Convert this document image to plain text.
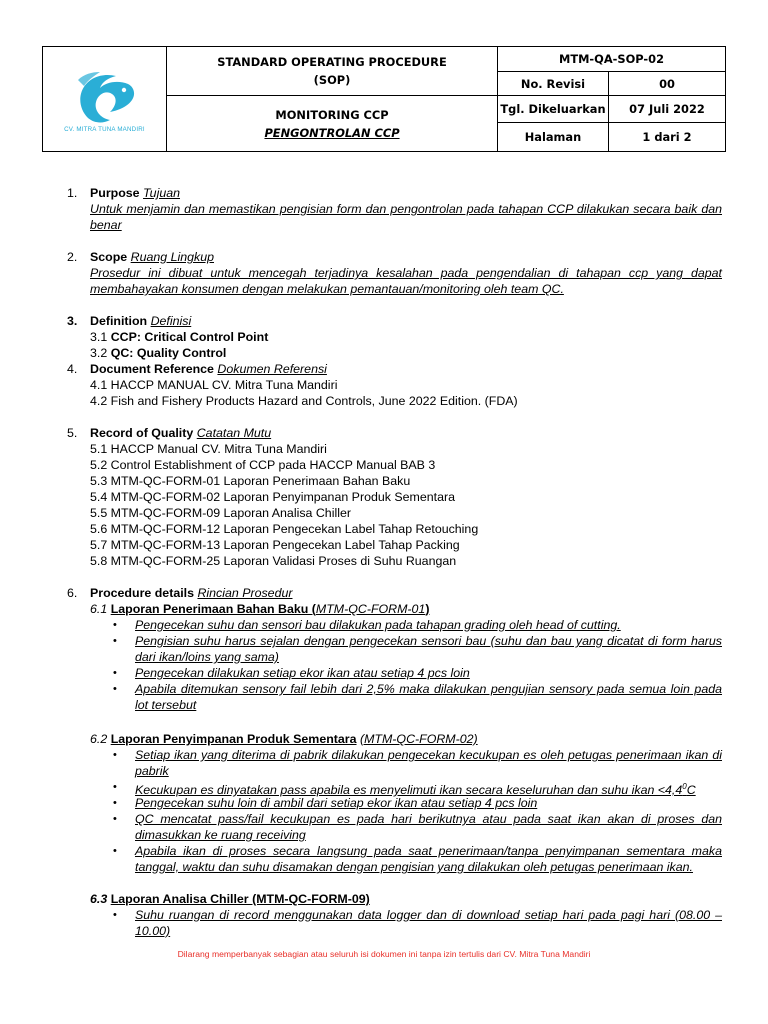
CV. MITRA TUNA MANDIRI	STANDARD OPERATING PROCEDURE
(SOP)	MTM-QA-SOP-02	
		No. Revisi	00

	MONITORING CCP
PENGONTROLAN CCP	Tgl. Dikeluarkan	07 Juli 2022
		Halaman	1 dari 2
1.	Purpose Tujuan
Untuk menjamin dan memastikan pengisian form dan pengontrolan pada tahapan CCP dilakukan secara baik dan benar
2.	Scope Ruang Lingkup
Prosedur ini dibuat untuk mencegah terjadinya kesalahan pada pengendalian di tahapan ccp yang dapat membahayakan konsumen dengan melakukan pemantauan/monitoring oleh team QC.
3.	Definition Definisi
3.1 CCP: Critical Control Point
3.2 QC: Quality Control
4.	Document Reference Dokumen Referensi
4.1 HACCP MANUAL CV. Mitra Tuna Mandiri
4.2 Fish and Fishery Products Hazard and Controls, June 2022 Edition. (FDA)
5.	Record of Quality Catatan Mutu
5.1 HACCP Manual CV. Mitra Tuna Mandiri
5.2 Control Establishment of CCP pada HACCP Manual BAB 3
5.3 MTM-QC-FORM-01 Laporan Penerimaan Bahan Baku
5.4 MTM-QC-FORM-02 Laporan Penyimpanan Produk Sementara
5.5 MTM-QC-FORM-09 Laporan Analisa Chiller
5.6 MTM-QC-FORM-12 Laporan Pengecekan Label Tahap Retouching
5.7 MTM-QC-FORM-13 Laporan Pengecekan Label Tahap Packing
5.8 MTM-QC-FORM-25 Laporan Validasi Proses di Suhu Ruangan
6.	Procedure details Rincian Prosedur
6.1 Laporan Penerimaan Bahan Baku (MTM-QC-FORM-01)
• Pengecekan suhu dan sensori bau dilakukan pada tahapan grading oleh head of cutting.
• Pengisian suhu harus sejalan dengan pengecekan sensori bau (suhu dan bau yang dicatat di form harus dari ikan/loins yang sama)
• Pengecekan dilakukan setiap ekor ikan atau setiap 4 pcs loin
• Apabila ditemukan sensory fail lebih dari 2,5% maka dilakukan pengujian sensory pada semua loin pada lot tersebut
6.2 Laporan Penyimpanan Produk Sementara (MTM-QC-FORM-02)
• Setiap ikan yang diterima di pabrik dilakukan pengecekan kecukupan es oleh petugas penerimaan ikan di pabrik
• Kecukupan es dinyatakan pass apabila es menyelimuti ikan secara keseluruhan dan suhu ikan $<4,4^0C$
• Pengecekan suhu loin di ambil dari setiap ekor ikan atau setiap 4 pcs loin
• QC mencatat pass/fail kecukupan es pada hari berikutnya atau pada saat ikan akan di proses dan dimasukkan ke ruang receiving
• Apabila ikan di proses secara langsung pada saat penerimaan/tanpa penyimpanan sementara maka tanggal, waktu dan suhu disamakan dengan pengisian yang dilakukan oleh petugas penerimaan ikan.
6.3 Laporan Analisa Chiller (MTM-QC-FORM-09)
• Suhu ruangan di record menggunakan data logger dan di download setiap hari pada pagi hari (08.00 – 10.00)
Dilarang memperbanyak sebagian atau seluruh isi dokumen ini tanpa izin tertulis dari CV. Mitra Tuna Mandiri
